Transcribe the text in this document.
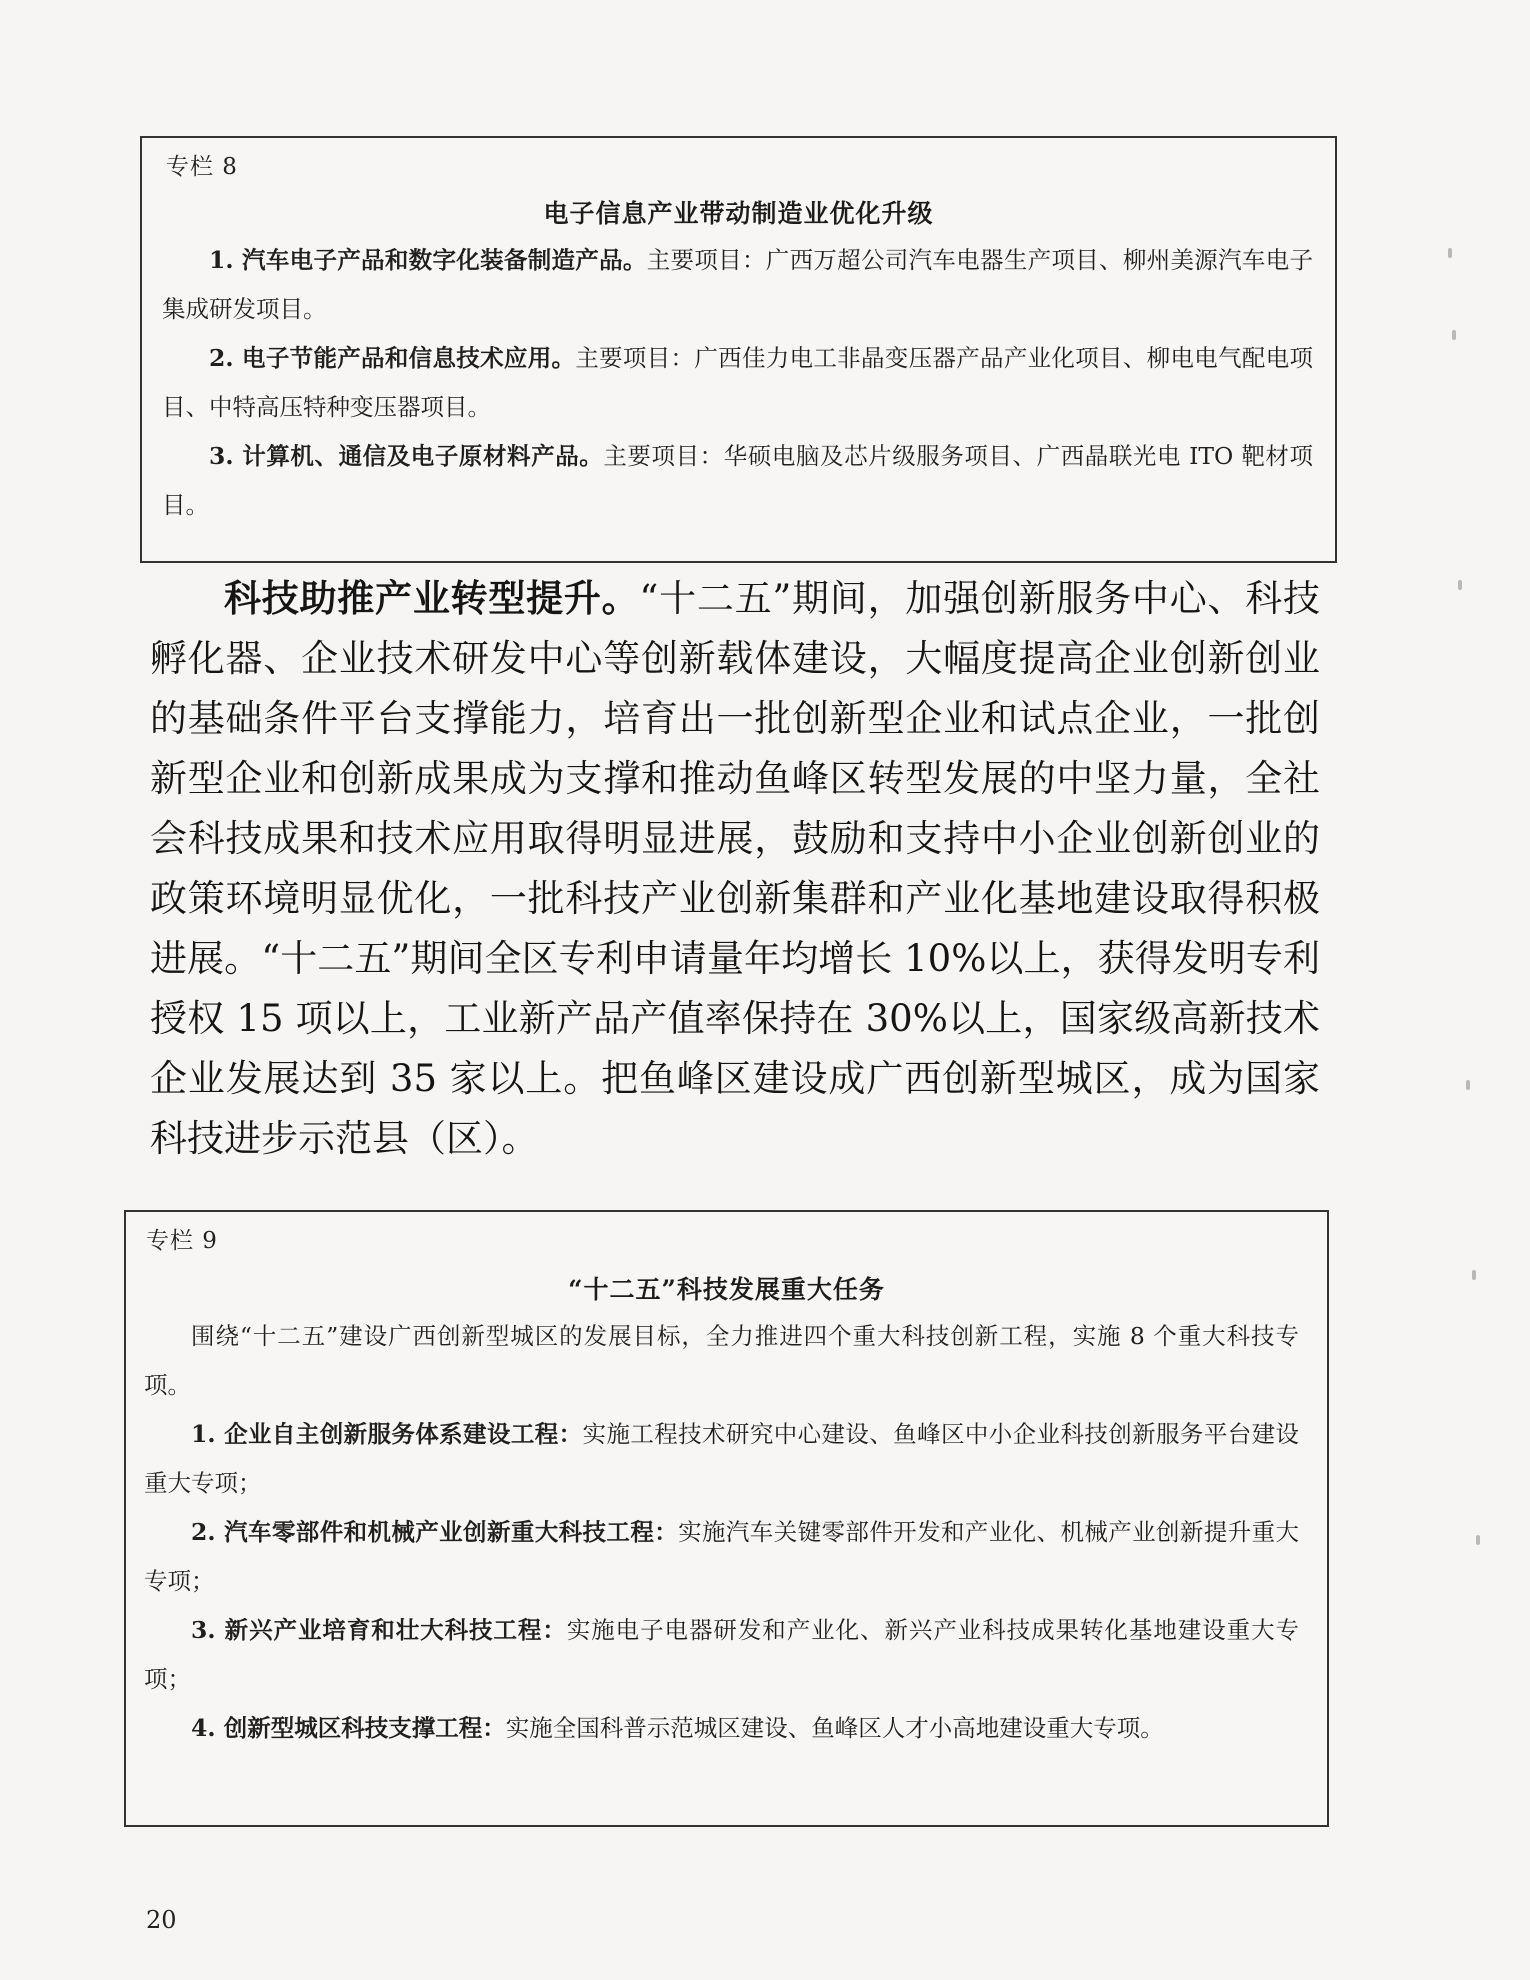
专栏 8
电子信息产业带动制造业优化升级

1. 汽车电子产品和数字化装备制造产品。主要项目：广西万超公司汽车电器生产项目、柳州美源汽车电子集成研发项目。

2. 电子节能产品和信息技术应用。主要项目：广西佳力电工非晶变压器产品产业化项目、柳电电气配电项目、中特高压特种变压器项目。

3. 计算机、通信及电子原材料产品。主要项目：华硕电脑及芯片级服务项目、广西晶联光电 ITO 靶材项目。

科技助推产业转型提升。“十二五”期间，加强创新服务中心、科技孵化器、企业技术研发中心等创新载体建设，大幅度提高企业创新创业的基础条件平台支撑能力，培育出一批创新型企业和试点企业，一批创新型企业和创新成果成为支撑和推动鱼峰区转型发展的中坚力量，全社会科技成果和技术应用取得明显进展，鼓励和支持中小企业创新创业的政策环境明显优化，一批科技产业创新集群和产业化基地建设取得积极进展。“十二五”期间全区专利申请量年均增长 10%以上，获得发明专利授权 15 项以上，工业新产品产值率保持在 30%以上，国家级高新技术企业发展达到 35 家以上。把鱼峰区建设成广西创新型城区，成为国家科技进步示范县（区）。
专栏 9
“十二五”科技发展重大任务

围绕“十二五”建设广西创新型城区的发展目标，全力推进四个重大科技创新工程，实施 8 个重大科技专项。

1. 企业自主创新服务体系建设工程：实施工程技术研究中心建设、鱼峰区中小企业科技创新服务平台建设重大专项；

2. 汽车零部件和机械产业创新重大科技工程：实施汽车关键零部件开发和产业化、机械产业创新提升重大专项；

3. 新兴产业培育和壮大科技工程：实施电子电器研发和产业化、新兴产业科技成果转化基地建设重大专项；

4. 创新型城区科技支撑工程：实施全国科普示范城区建设、鱼峰区人才小高地建设重大专项。

20
